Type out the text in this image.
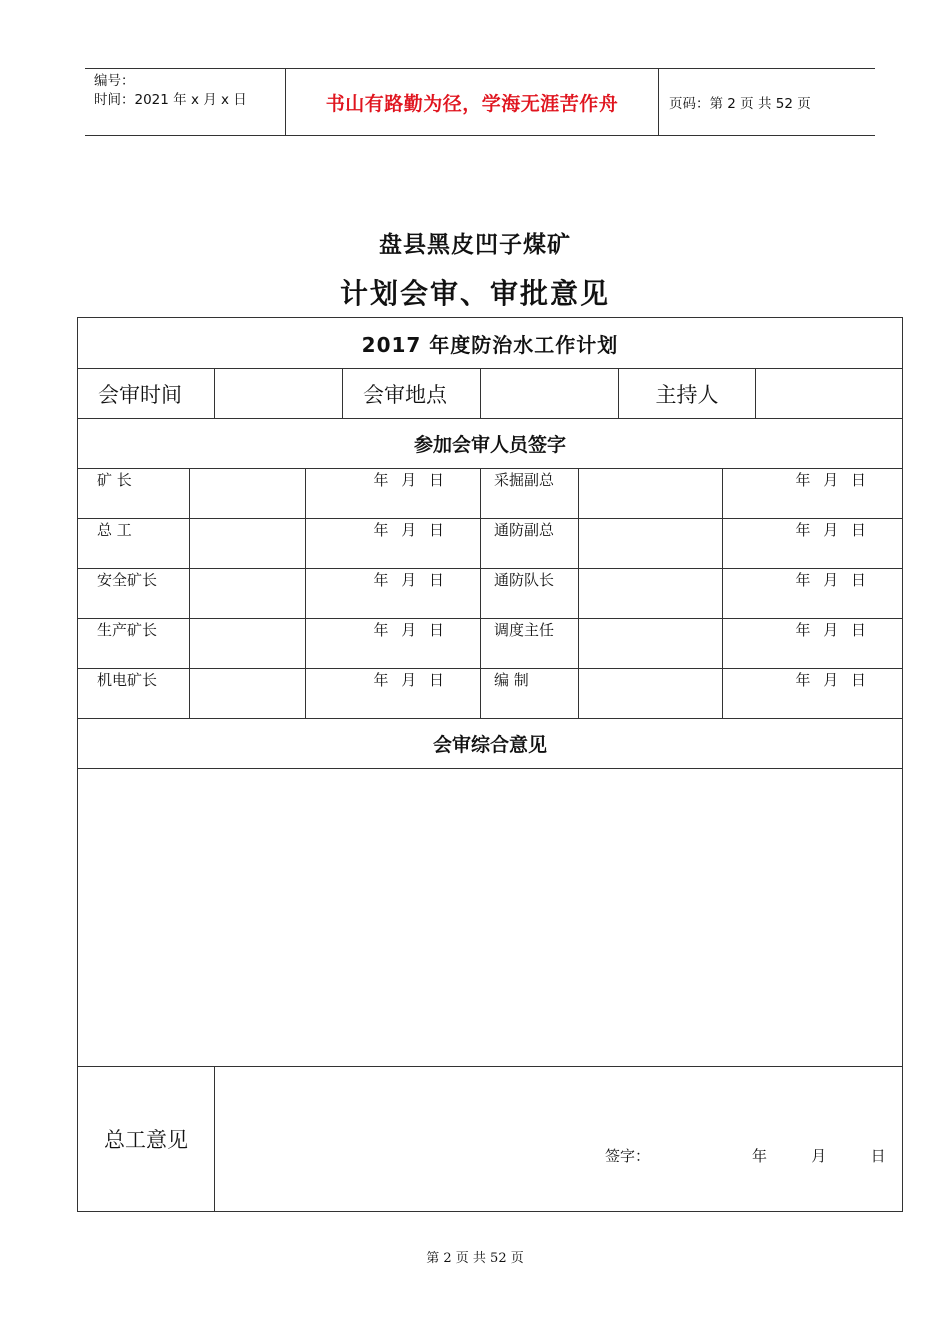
编号：
时间：2021 年 x 月 x 日	书山有路勤为径，学海无涯苦作舟	页码：第 2 页 共 52 页
盘县黑皮凹子煤矿
计划会审、审批意见
2017 年度防治水工作计划									
会审时间				会审地点			主持人		
参加会审人员签字									
矿 长			年 月 日		采掘副总			年 月 日	
总 工			年 月 日		通防副总			年 月 日	
安全矿长			年 月 日		通防队长			年 月 日	
生产矿长			年 月 日		调度主任			年 月 日	
机电矿长			年 月 日		编 制			年 月 日	
会审综合意见									

总工意见		签字： 年   月   日							
第 2 页 共 52 页
